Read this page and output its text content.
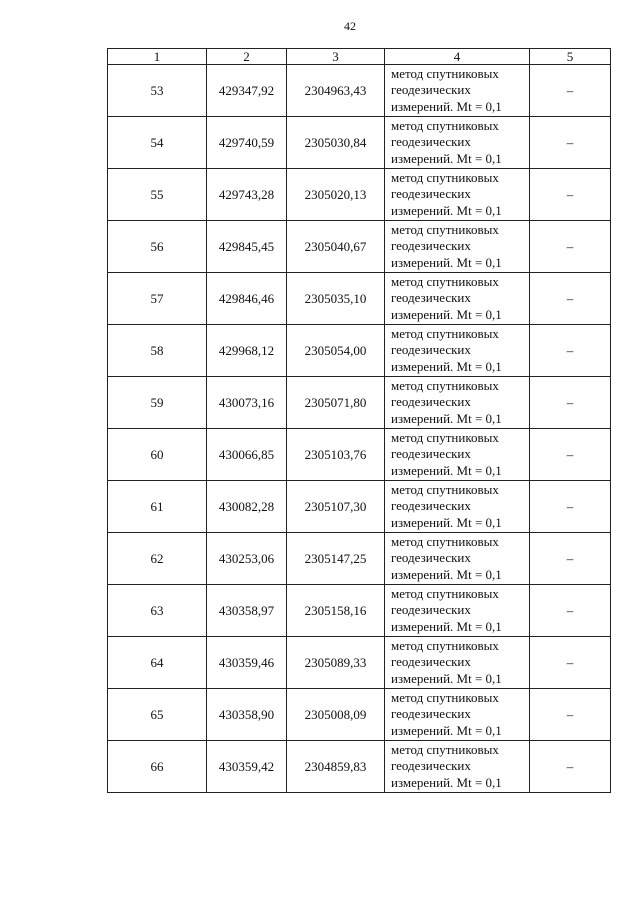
42
1	2	3	4	5
53	429347,92	2304963,43	метод спутниковых
геодезических
измерений. Mt = 0,1	–
54	429740,59	2305030,84	метод спутниковых
геодезических
измерений. Mt = 0,1	–
55	429743,28	2305020,13	метод спутниковых
геодезических
измерений. Mt = 0,1	–
56	429845,45	2305040,67	метод спутниковых
геодезических
измерений. Mt = 0,1	–
57	429846,46	2305035,10	метод спутниковых
геодезических
измерений. Mt = 0,1	–
58	429968,12	2305054,00	метод спутниковых
геодезических
измерений. Mt = 0,1	–
59	430073,16	2305071,80	метод спутниковых
геодезических
измерений. Mt = 0,1	–
60	430066,85	2305103,76	метод спутниковых
геодезических
измерений. Mt = 0,1	–
61	430082,28	2305107,30	метод спутниковых
геодезических
измерений. Mt = 0,1	–
62	430253,06	2305147,25	метод спутниковых
геодезических
измерений. Mt = 0,1	–
63	430358,97	2305158,16	метод спутниковых
геодезических
измерений. Mt = 0,1	–
64	430359,46	2305089,33	метод спутниковых
геодезических
измерений. Mt = 0,1	–
65	430358,90	2305008,09	метод спутниковых
геодезических
измерений. Mt = 0,1	–
66	430359,42	2304859,83	метод спутниковых
геодезических
измерений. Mt = 0,1	–
